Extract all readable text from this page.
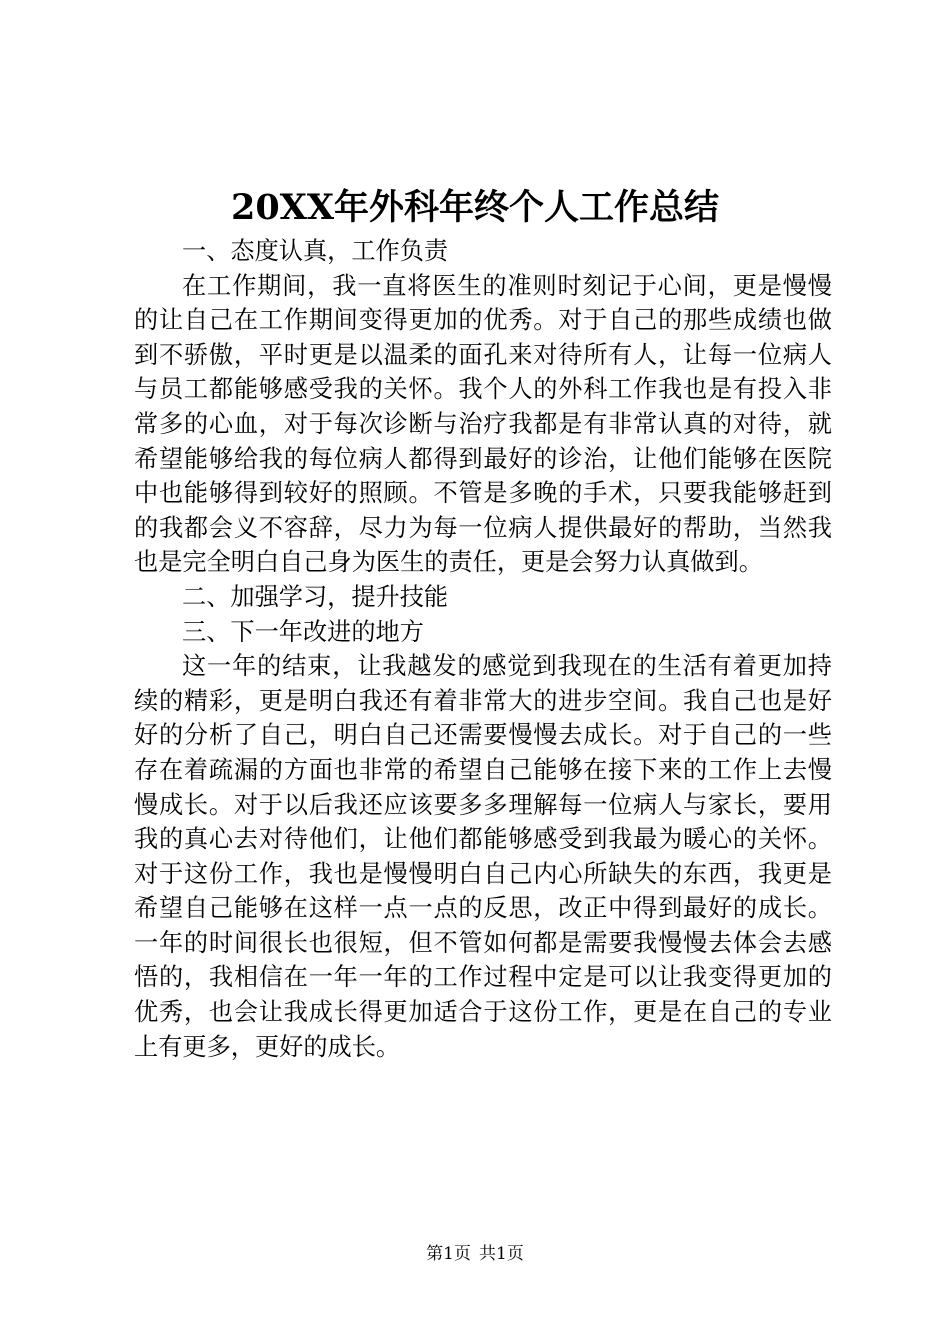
20XX年外科年终个人工作总结

一、态度认真，工作负责

在工作期间，我一直将医生的准则时刻记于心间，更是慢慢的让自己在工作期间变得更加的优秀。对于自己的那些成绩也做到不骄傲，平时更是以温柔的面孔来对待所有人，让每一位病人与员工都能够感受我的关怀。我个人的外科工作我也是有投入非常多的心血，对于每次诊断与治疗我都是有非常认真的对待，就希望能够给我的每位病人都得到最好的诊治，让他们能够在医院中也能够得到较好的照顾。不管是多晚的手术，只要我能够赶到的我都会义不容辞，尽力为每一位病人提供最好的帮助，当然我也是完全明白自己身为医生的责任，更是会努力认真做到。

二、加强学习，提升技能

三、下一年改进的地方

这一年的结束，让我越发的感觉到我现在的生活有着更加持续的精彩，更是明白我还有着非常大的进步空间。我自己也是好好的分析了自己，明白自己还需要慢慢去成长。对于自己的一些存在着疏漏的方面也非常的希望自己能够在接下来的工作上去慢慢成长。对于以后我还应该要多多理解每一位病人与家长，要用我的真心去对待他们，让他们都能够感受到我最为暖心的关怀。对于这份工作，我也是慢慢明白自己内心所缺失的东西，我更是希望自己能够在这样一点一点的反思，改正中得到最好的成长。一年的时间很长也很短，但不管如何都是需要我慢慢去体会去感悟的，我相信在一年一年的工作过程中定是可以让我变得更加的优秀，也会让我成长得更加适合于这份工作，更是在自己的专业上有更多，更好的成长。

第1页 共1页
